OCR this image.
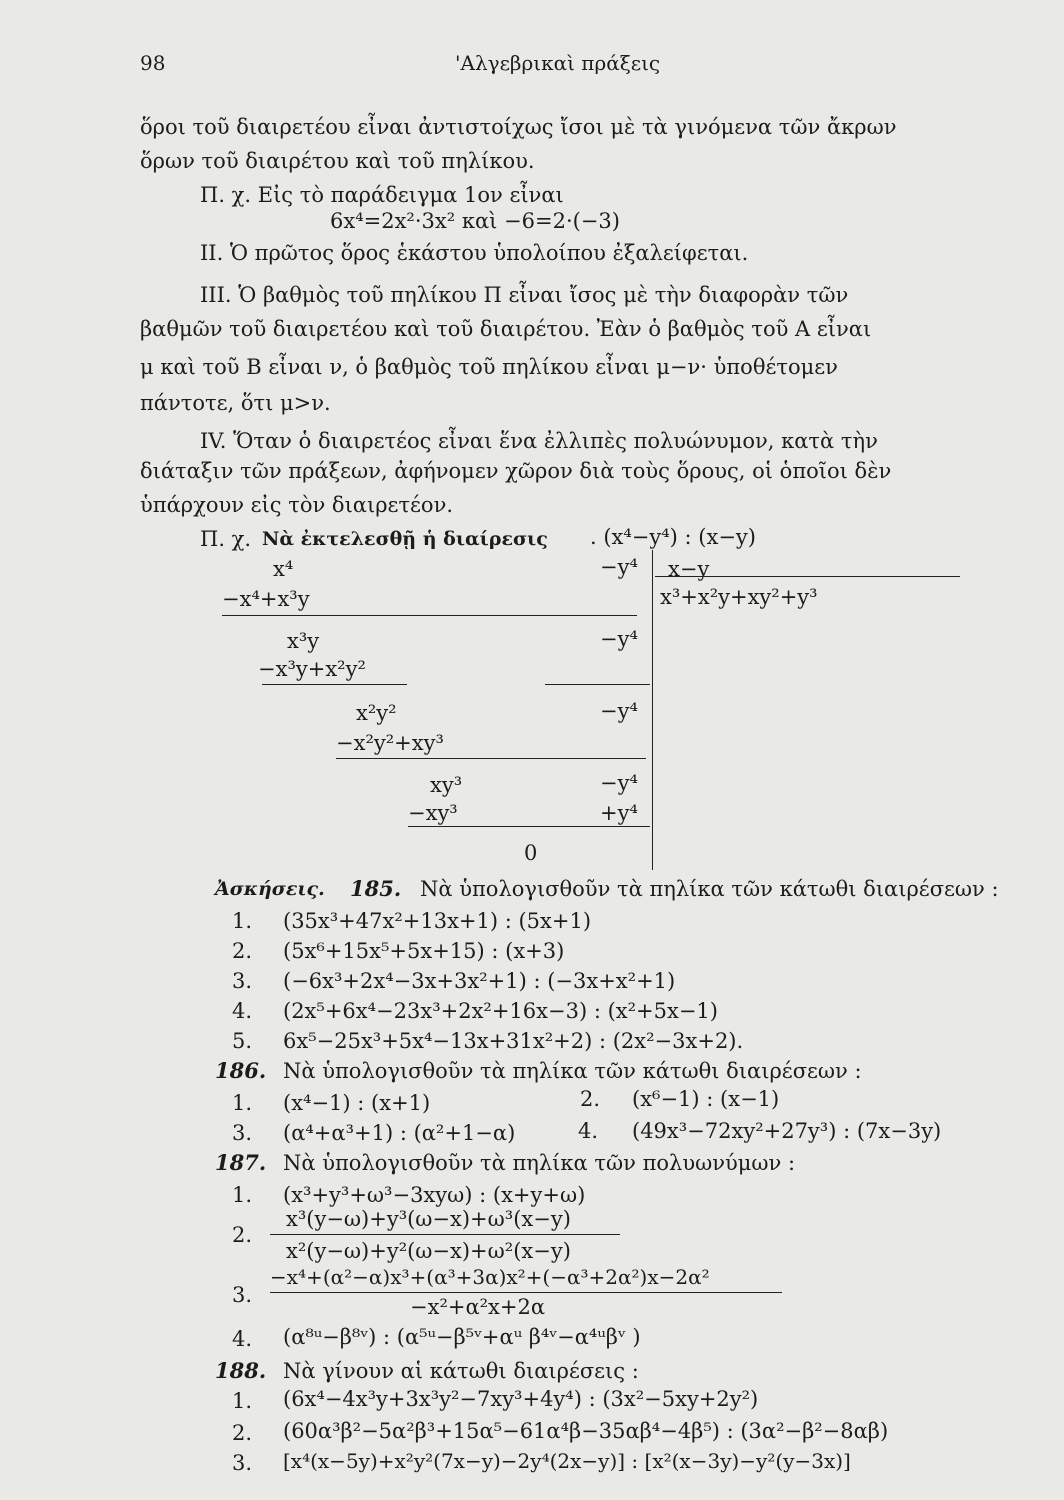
98	'Αλγεβρικαὶ πράξεις
ὅροι τοῦ διαιρετέου εἶναι ἀντιστοίχως ἴσοι μὲ τὰ γινόμενα τῶν ἄκρων
ὅρων τοῦ διαιρέτου καὶ τοῦ πηλίκου.
Π. χ. Εἰς τὸ παράδειγμα 1ον εἶναι
6x⁴=2x²·3x² καὶ −6=2·(−3)
ΙΙ. Ὁ πρῶτος ὅρος ἑκάστου ὑπολοίπου ἐξαλείφεται.
ΙΙΙ. Ὁ βαθμὸς τοῦ πηλίκου Π εἶναι ἴσος μὲ τὴν διαφορὰν τῶν
βαθμῶν τοῦ διαιρετέου καὶ τοῦ διαιρέτου. Ἐὰν ὁ βαθμὸς τοῦ Α εἶναι
μ καὶ τοῦ Β εἶναι ν, ὁ βαθμὸς τοῦ πηλίκου εἶναι μ−ν· ὑποθέτομεν
πάντοτε, ὅτι μ>ν.
ΙV. Ὅταν ὁ διαιρετέος εἶναι ἕνα ἐλλιπὲς πολυώνυμον, κατὰ τὴν
διάταξιν τῶν πράξεων, ἀφήνομεν χῶρον διὰ τοὺς ὅρους, οἱ ὁποῖοι δὲν
ὑπάρχουν εἰς τὸν διαιρετέον.
Π. χ. Νὰ ἐκτελεσθῇ ἡ διαίρεσις . (x⁴−y⁴) : (x−y)
x−y
x³+x²y+xy²+y³
x⁴	−y⁴
−x⁴+x³y
x³y	−y⁴
−x³y+x²y²
x²y²	−y⁴
−x²y²+xy³
xy³	−y⁴
−xy³	+y⁴
0
Ἀσκήσεις. 185. Νὰ ὑπολογισθοῦν τὰ πηλίκα τῶν κάτωθι διαιρέσεων :
1. (35x³+47x²+13x+1) : (5x+1)
2. (5x⁶+15x⁵+5x+15) : (x+3)
3. (−6x³+2x⁴−3x+3x²+1) : (−3x+x²+1)
4. (2x⁵+6x⁴−23x³+2x²+16x−3) : (x²+5x−1)
5. 6x⁵−25x³+5x⁴−13x+31x²+2) : (2x²−3x+2).
186. Νὰ ὑπολογισθοῦν τὰ πηλίκα τῶν κάτωθι διαιρέσεων :
1. (x⁴−1) : (x+1)	2. (x⁶−1) : (x−1)
3. (α⁴+α³+1) : (α²+1−α)	4. (49x³−72xy²+27y³) : (7x−3y)
187. Νὰ ὑπολογισθοῦν τὰ πηλίκα τῶν πολυωνύμων :
1. (x³+y³+ω³−3xyω) : (x+y+ω)
2.
x³(y−ω)+y³(ω−x)+ω³(x−y)
x²(y−ω)+y²(ω−x)+ω²(x−y)
3.
−x⁴+(α²−α)x³+(α³+3α)x²+(−α³+2α²)x−2α²
−x²+α²x+2α
4. (α⁸ᵘ−β⁸ᵛ) : (α⁵ᵘ−β⁵ᵛ+αᵘ β⁴ᵛ−α⁴ᵘβᵛ )
188. Νὰ γίνουν αἱ κάτωθι διαιρέσεις :
1. (6x⁴−4x³y+3x³y²−7xy³+4y⁴) : (3x²−5xy+2y²)
2. (60α³β²−5α²β³+15α⁵−61α⁴β−35αβ⁴−4β⁵) : (3α²−β²−8αβ)
3. [x⁴(x−5y)+x²y²(7x−y)−2y⁴(2x−y)] : [x²(x−3y)−y²(y−3x)]
